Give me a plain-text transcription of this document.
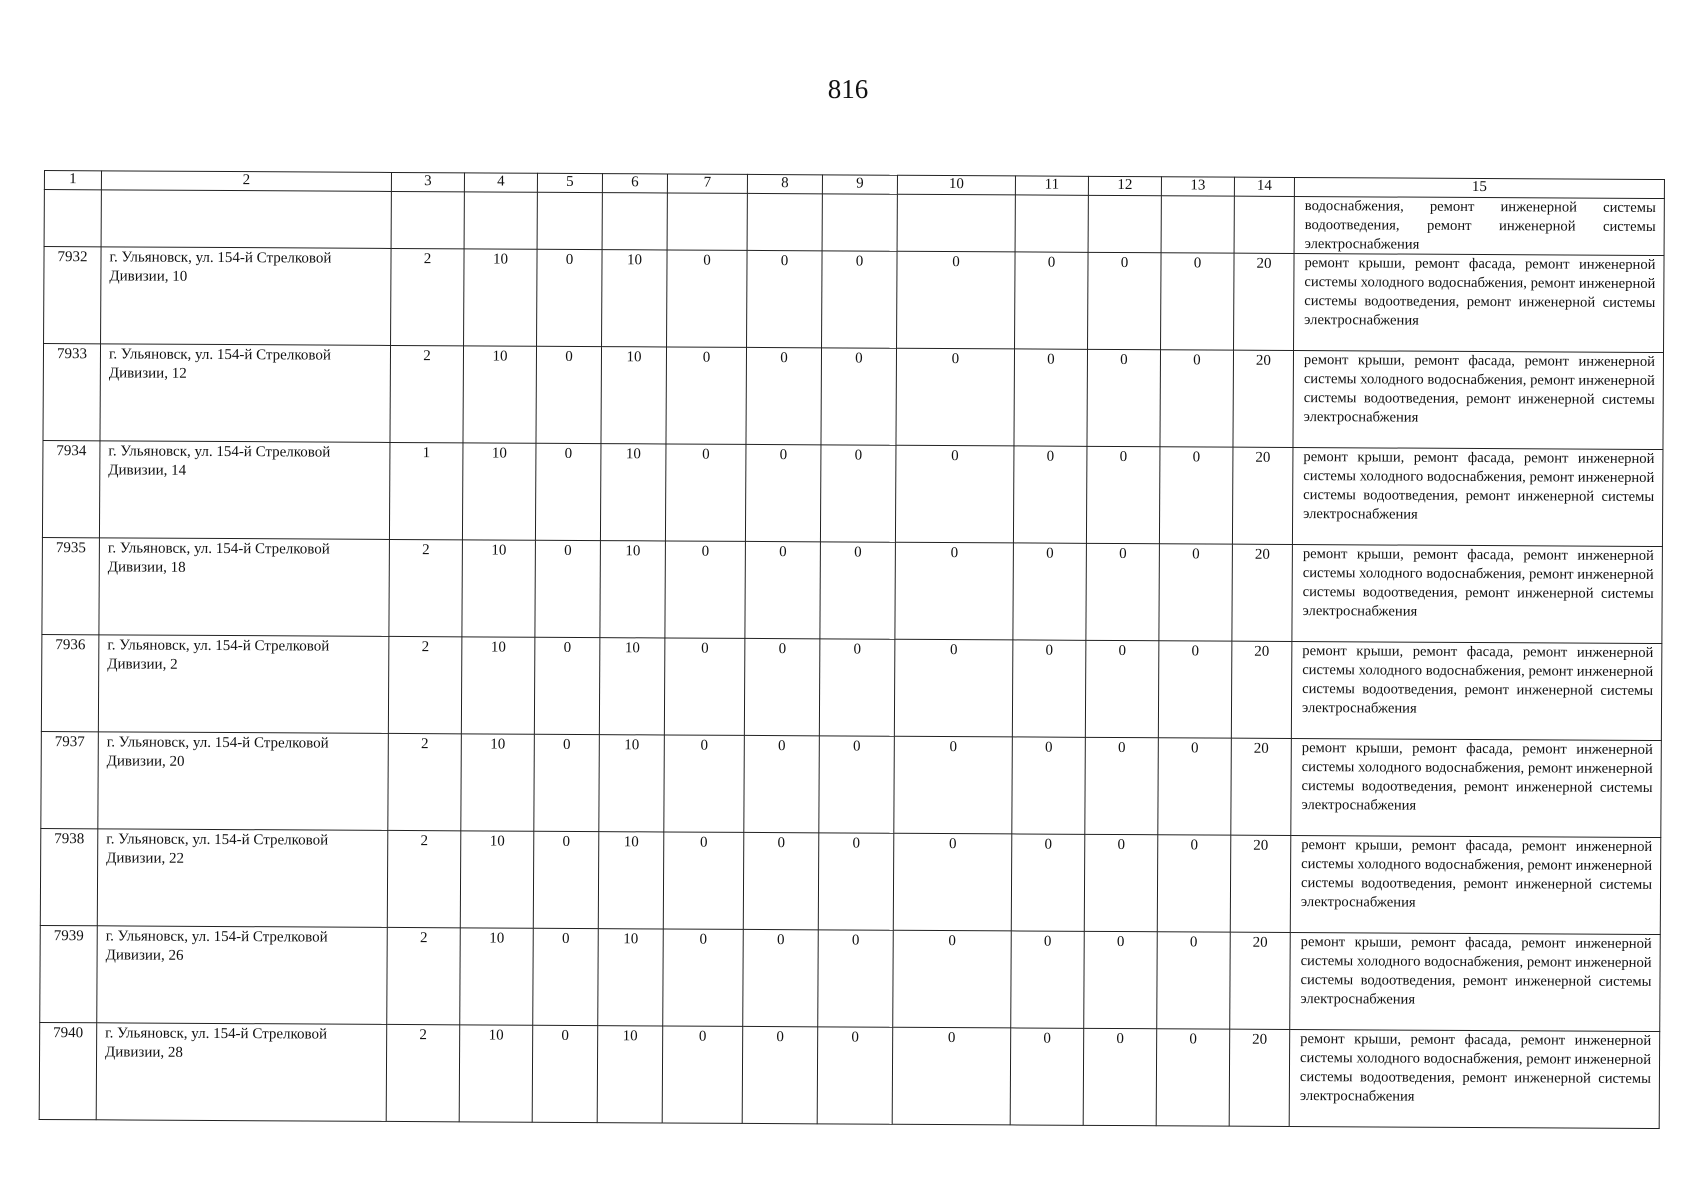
816
1	2	3	4	5	6	7	8	9	10	11	12	13	14	15
														водоснабжения, ремонт инженерной системы водоотведения, ремонт инженерной системы электроснабжения
7932	г. Ульяновск, ул. 154-й Стрелковой Дивизии, 10	2	10	0	10	0	0	0	0	0	0	0	20	ремонт крыши, ремонт фасада, ремонт инженерной системы холодного водоснабжения, ремонт инженерной системы водоотведения, ремонт инженерной системы электроснабжения
7933	г. Ульяновск, ул. 154-й Стрелковой Дивизии, 12	2	10	0	10	0	0	0	0	0	0	0	20	ремонт крыши, ремонт фасада, ремонт инженерной системы холодного водоснабжения, ремонт инженерной системы водоотведения, ремонт инженерной системы электроснабжения
7934	г. Ульяновск, ул. 154-й Стрелковой Дивизии, 14	1	10	0	10	0	0	0	0	0	0	0	20	ремонт крыши, ремонт фасада, ремонт инженерной системы холодного водоснабжения, ремонт инженерной системы водоотведения, ремонт инженерной системы электроснабжения
7935	г. Ульяновск, ул. 154-й Стрелковой Дивизии, 18	2	10	0	10	0	0	0	0	0	0	0	20	ремонт крыши, ремонт фасада, ремонт инженерной системы холодного водоснабжения, ремонт инженерной системы водоотведения, ремонт инженерной системы электроснабжения
7936	г. Ульяновск, ул. 154-й Стрелковой Дивизии, 2	2	10	0	10	0	0	0	0	0	0	0	20	ремонт крыши, ремонт фасада, ремонт инженерной системы холодного водоснабжения, ремонт инженерной системы водоотведения, ремонт инженерной системы электроснабжения
7937	г. Ульяновск, ул. 154-й Стрелковой Дивизии, 20	2	10	0	10	0	0	0	0	0	0	0	20	ремонт крыши, ремонт фасада, ремонт инженерной системы холодного водоснабжения, ремонт инженерной системы водоотведения, ремонт инженерной системы электроснабжения
7938	г. Ульяновск, ул. 154-й Стрелковой Дивизии, 22	2	10	0	10	0	0	0	0	0	0	0	20	ремонт крыши, ремонт фасада, ремонт инженерной системы холодного водоснабжения, ремонт инженерной системы водоотведения, ремонт инженерной системы электроснабжения
7939	г. Ульяновск, ул. 154-й Стрелковой Дивизии, 26	2	10	0	10	0	0	0	0	0	0	0	20	ремонт крыши, ремонт фасада, ремонт инженерной системы холодного водоснабжения, ремонт инженерной системы водоотведения, ремонт инженерной системы электроснабжения
7940	г. Ульяновск, ул. 154-й Стрелковой Дивизии, 28	2	10	0	10	0	0	0	0	0	0	0	20	ремонт крыши, ремонт фасада, ремонт инженерной системы холодного водоснабжения, ремонт инженерной системы водоотведения, ремонт инженерной системы электроснабжения
